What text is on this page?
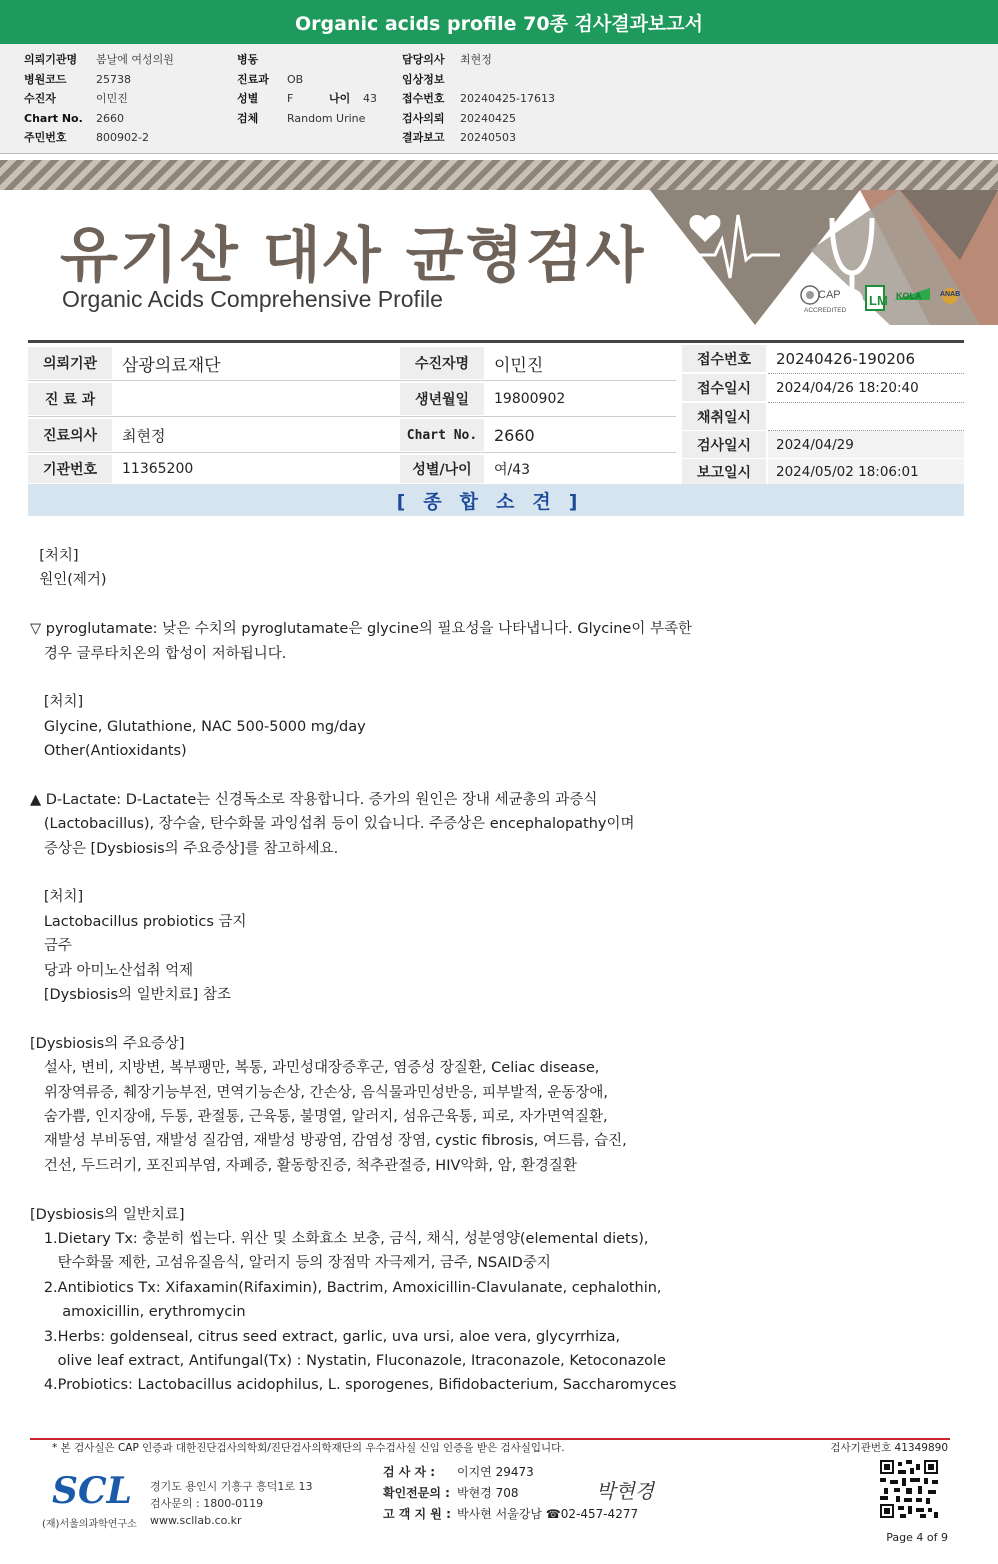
Organic acids profile 70종 검사결과보고서
의뢰기관명	봄날에 여성의원
병원코드	25738
수진자	이민진
Chart No.	2660
주민번호	800902-2
병동
진료과	OB
성별	F	나이	43
검체	Random Urine
담당의사	최현정
임상정보
접수번호	20240425-17613
검사의뢰	20240425
결과보고	20240503
LM KOLA
CAP
ACCREDITED
ANAB
유기산 대사 균형검사
Organic Acids Comprehensive Profile
의뢰기관	삼광의료재단
진 료 과
진료의사	최현정
기관번호	11365200
수진자명	이민진
생년월일	19800902
Chart No.	2660
성별/나이	여/43
접수번호	20240426-190206
접수일시	2024/04/26 18:20:40
채취일시
검사일시	2024/04/29
보고일시	2024/05/02 18:06:01
[종합소견]
[처치]
원인(제거)
▽ pyroglutamate: 낮은 수치의 pyroglutamate은 glycine의 필요성을 나타냅니다. Glycine이 부족한
경우 글루타치온의 합성이 저하됩니다.
[처치]
Glycine, Glutathione, NAC 500-5000 mg/day
Other(Antioxidants)
▲ D-Lactate: D-Lactate는 신경독소로 작용합니다. 증가의 원인은 장내 세균총의 과증식
(Lactobacillus), 장수술, 탄수화물 과잉섭취 등이 있습니다. 주증상은 encephalopathy이며
증상은 [Dysbiosis의 주요증상]를 참고하세요.
[처치]
Lactobacillus probiotics 금지
금주
당과 아미노산섭취 억제
[Dysbiosis의 일반치료] 참조
[Dysbiosis의 주요증상]
설사, 변비, 지방변, 복부팽만, 복통, 과민성대장증후군, 염증성 장질환, Celiac disease,
위장역류증, 췌장기능부전, 면역기능손상, 간손상, 음식물과민성반응, 피부발적, 운동장애,
숨가쁨, 인지장애, 두통, 관절통, 근육통, 불명열, 알러지, 섬유근육통, 피로, 자가면역질환,
재발성 부비동염, 재발성 질감염, 재발성 방광염, 감염성 장염, cystic fibrosis, 여드름, 습진,
건선, 두드러기, 포진피부염, 자폐증, 활동항진증, 척추관절증, HIV악화, 암, 환경질환
[Dysbiosis의 일반치료]
1.Dietary Tx: 충분히 씹는다. 위산 및 소화효소 보충, 금식, 채식, 성분영양(elemental diets),
탄수화물 제한, 고섬유질음식, 알러지 등의 장점막 자극제거, 금주, NSAID중지
2.Antibiotics Tx: Xifaxamin(Rifaximin), Bactrim, Amoxicillin-Clavulanate, cephalothin,
amoxicillin, erythromycin
3.Herbs: goldenseal, citrus seed extract, garlic, uva ursi, aloe vera, glycyrrhiza,
olive leaf extract, Antifungal(Tx) : Nystatin, Fluconazole, Itraconazole, Ketoconazole
4.Probiotics: Lactobacillus acidophilus, L. sporogenes, Bifidobacterium, Saccharomyces
* 본 검사실은 CAP 인증과 대한진단검사의학회/진단검사의학재단의 우수검사실 신임 인증을 받은 검사실입니다.	검사기관번호 41349890
SCL
(재)서울의과학연구소
경기도 용인시 기흥구 흥덕1로 13
검사문의 : 1800-0119
www.scllab.co.kr
검 사 자 :	이지연 29473
확인전문의 : 박현경 708
고 객 지 원 : 박사현 서울강남 ☎02-457-4277
박현경
Page 4 of 9
